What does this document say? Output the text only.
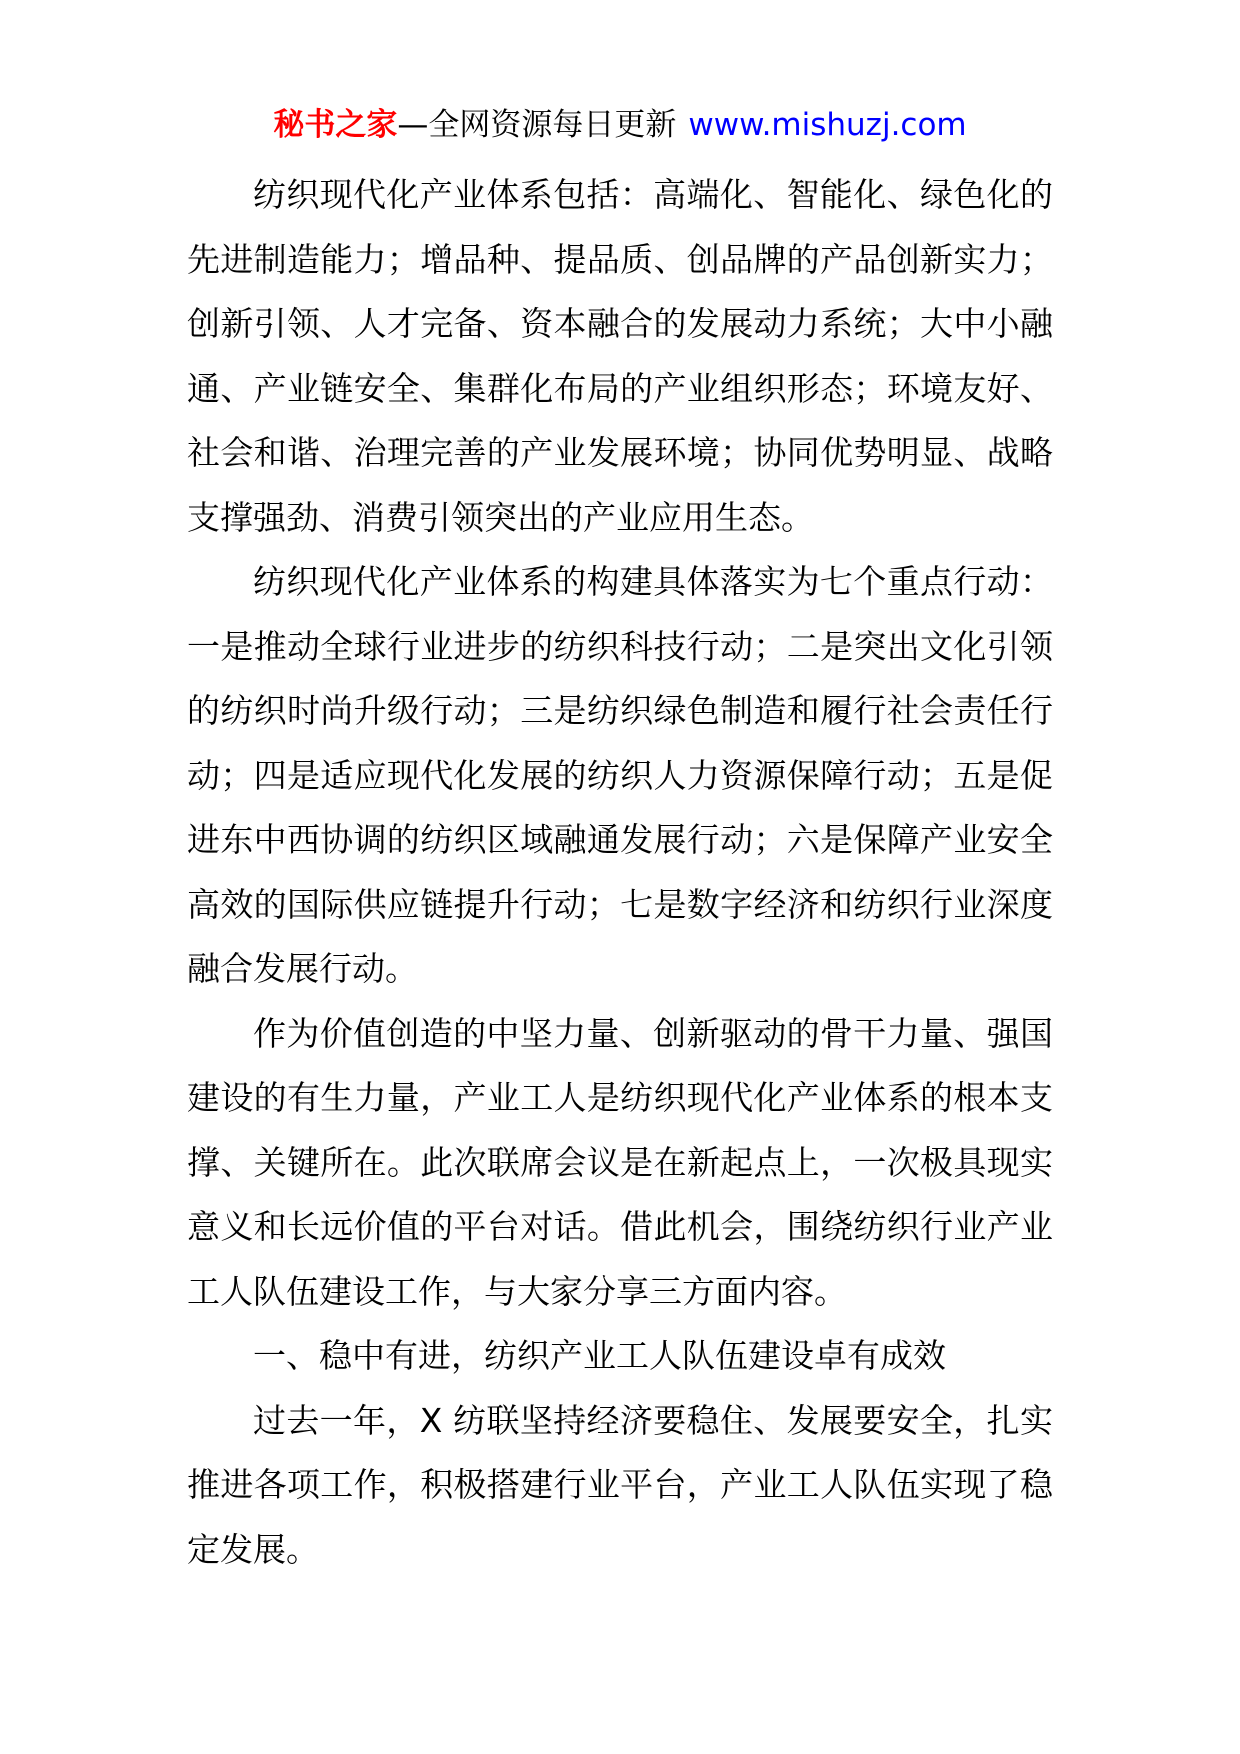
秘书之家—全网资源每日更新 www.mishuzj.com

纺织现代化产业体系包括：高端化、智能化、绿色化的先进制造能力；增品种、提品质、创品牌的产品创新实力；创新引领、人才完备、资本融合的发展动力系统；大中小融通、产业链安全、集群化布局的产业组织形态；环境友好、社会和谐、治理完善的产业发展环境；协同优势明显、战略支撑强劲、消费引领突出的产业应用生态。

纺织现代化产业体系的构建具体落实为七个重点行动：一是推动全球行业进步的纺织科技行动；二是突出文化引领的纺织时尚升级行动；三是纺织绿色制造和履行社会责任行动；四是适应现代化发展的纺织人力资源保障行动；五是促进东中西协调的纺织区域融通发展行动；六是保障产业安全高效的国际供应链提升行动；七是数字经济和纺织行业深度融合发展行动。

作为价值创造的中坚力量、创新驱动的骨干力量、强国建设的有生力量，产业工人是纺织现代化产业体系的根本支撑、关键所在。此次联席会议是在新起点上，一次极具现实意义和长远价值的平台对话。借此机会，围绕纺织行业产业工人队伍建设工作，与大家分享三方面内容。

一、稳中有进，纺织产业工人队伍建设卓有成效

过去一年，X 纺联坚持经济要稳住、发展要安全，扎实推进各项工作，积极搭建行业平台，产业工人队伍实现了稳定发展。
